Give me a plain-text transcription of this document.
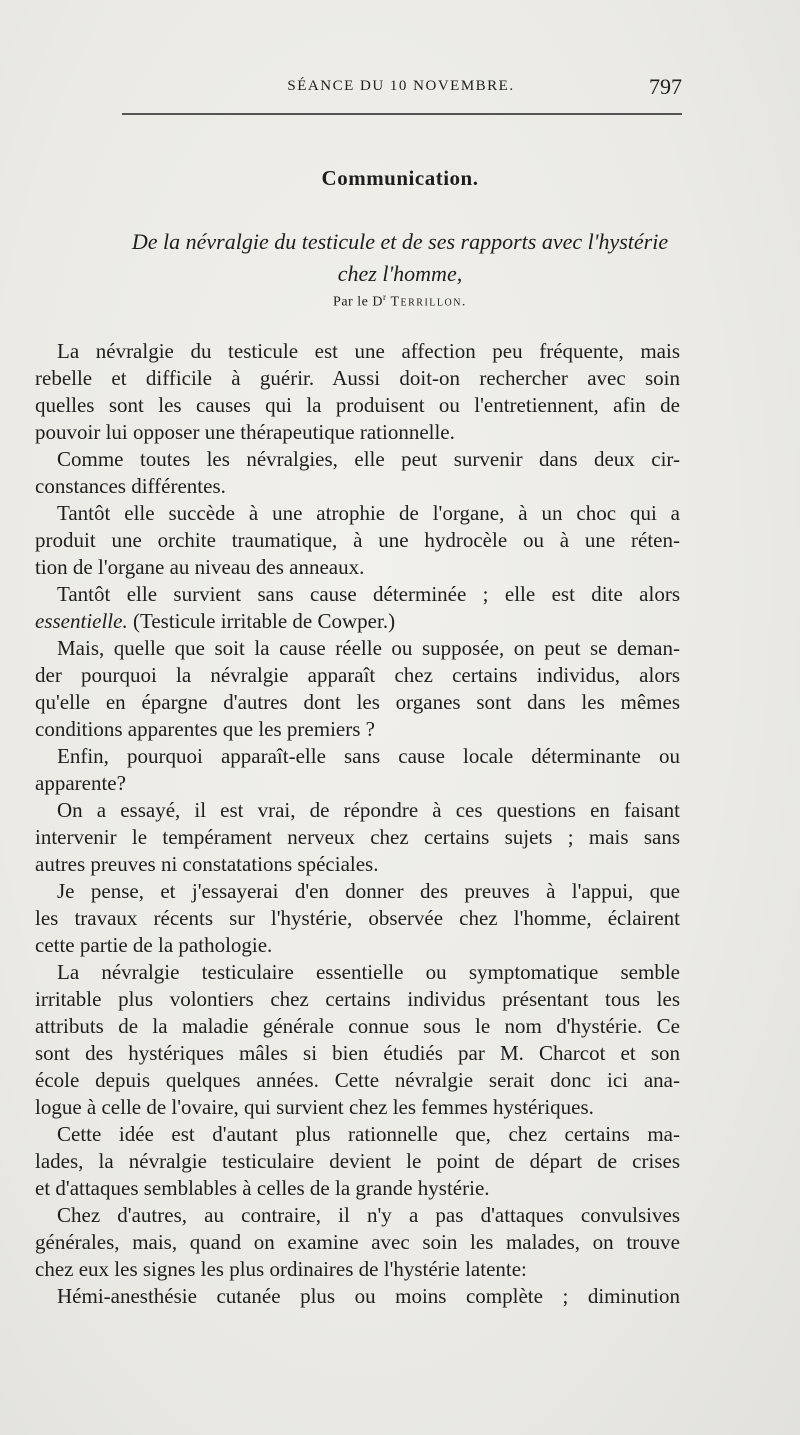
SÉANCE DU 10 NOVEMBRE.	797
Communication.
De la névralgie du testicule et de ses rapports avec l'hystérie
chez l'homme,
Par le $D^r$ Terrillon.
La névralgie du testicule est une affection peu fréquente, mais
rebelle et difficile à guérir. Aussi doit-on rechercher avec soin
quelles sont les causes qui la produisent ou l'entretiennent, afin de
pouvoir lui opposer une thérapeutique rationnelle.
Comme toutes les névralgies, elle peut survenir dans deux cir-
constances différentes.
Tantôt elle succède à une atrophie de l'organe, à un choc qui a
produit une orchite traumatique, à une hydrocèle ou à une réten-
tion de l'organe au niveau des anneaux.
Tantôt elle survient sans cause déterminée ; elle est dite alors
essentielle. (Testicule irritable de Cowper.)
Mais, quelle que soit la cause réelle ou supposée, on peut se deman-
der pourquoi la névralgie apparaît chez certains individus, alors
qu'elle en épargne d'autres dont les organes sont dans les mêmes
conditions apparentes que les premiers ?
Enfin, pourquoi apparaît-elle sans cause locale déterminante ou
apparente?
On a essayé, il est vrai, de répondre à ces questions en faisant
intervenir le tempérament nerveux chez certains sujets ; mais sans
autres preuves ni constatations spéciales.
Je pense, et j'essayerai d'en donner des preuves à l'appui, que
les travaux récents sur l'hystérie, observée chez l'homme, éclairent
cette partie de la pathologie.
La névralgie testiculaire essentielle ou symptomatique semble
irritable plus volontiers chez certains individus présentant tous les
attributs de la maladie générale connue sous le nom d'hystérie. Ce
sont des hystériques mâles si bien étudiés par M. Charcot et son
école depuis quelques années. Cette névralgie serait donc ici ana-
logue à celle de l'ovaire, qui survient chez les femmes hystériques.
Cette idée est d'autant plus rationnelle que, chez certains ma-
lades, la névralgie testiculaire devient le point de départ de crises
et d'attaques semblables à celles de la grande hystérie.
Chez d'autres, au contraire, il n'y a pas d'attaques convulsives
générales, mais, quand on examine avec soin les malades, on trouve
chez eux les signes les plus ordinaires de l'hystérie latente:
Hémi-anesthésie cutanée plus ou moins complète ; diminution
